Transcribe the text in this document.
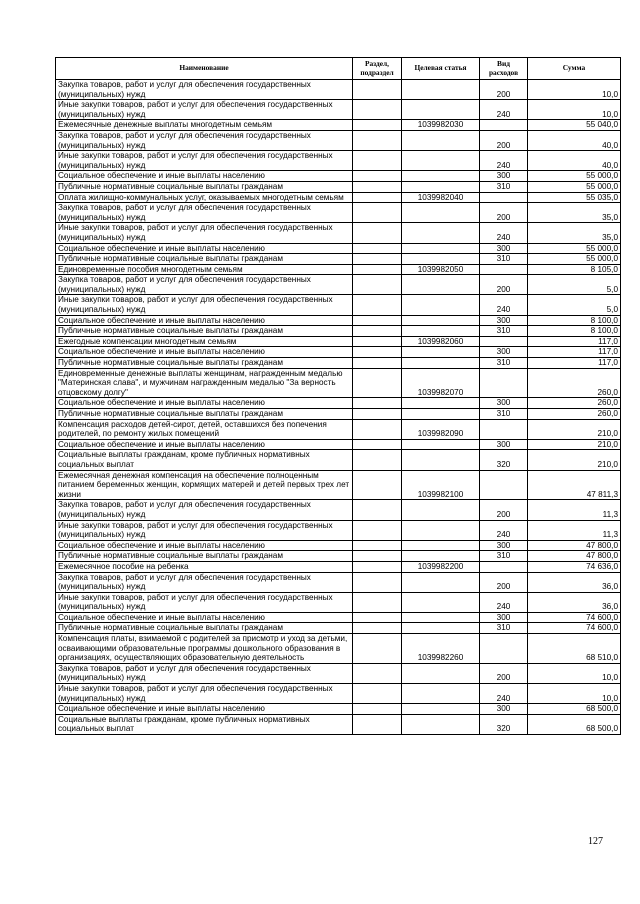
Наименование	Раздел, подраздел	Целевая статья	Вид расходов	Сумма
Закупка товаров, работ и услуг для обеспечения государственных (муниципальных) нужд			200	10,0
Иные закупки товаров, работ и услуг для обеспечения государственных (муниципальных) нужд			240	10,0
Ежемесячные денежные выплаты многодетным семьям		1039982030		55 040,0
Закупка товаров, работ и услуг для обеспечения государственных (муниципальных) нужд			200	40,0
Иные закупки товаров, работ и услуг для обеспечения государственных (муниципальных) нужд			240	40,0
Социальное обеспечение и иные выплаты населению			300	55 000,0
Публичные нормативные социальные выплаты гражданам			310	55 000,0
Оплата жилищно-коммунальных услуг, оказываемых многодетным семьям		1039982040		55 035,0
Закупка товаров, работ и услуг для обеспечения государственных (муниципальных) нужд			200	35,0
Иные закупки товаров, работ и услуг для обеспечения государственных (муниципальных) нужд			240	35,0
Социальное обеспечение и иные выплаты населению			300	55 000,0
Публичные нормативные социальные выплаты гражданам			310	55 000,0
Единовременные пособия многодетным семьям		1039982050		8 105,0
Закупка товаров, работ и услуг для обеспечения государственных (муниципальных) нужд			200	5,0
Иные закупки товаров, работ и услуг для обеспечения государственных (муниципальных) нужд			240	5,0
Социальное обеспечение и иные выплаты населению			300	8 100,0
Публичные нормативные социальные выплаты гражданам			310	8 100,0
Ежегодные компенсации многодетным семьям		1039982060		117,0
Социальное обеспечение и иные выплаты населению			300	117,0
Публичные нормативные социальные выплаты гражданам			310	117,0
Единовременные денежные выплаты женщинам, награжденным медалью "Материнская слава", и мужчинам награжденным медалью "За верность отцовскому долгу"		1039982070		260,0
Социальное обеспечение и иные выплаты населению			300	260,0
Публичные нормативные социальные выплаты гражданам			310	260,0
Компенсация расходов детей-сирот, детей, оставшихся без попечения родителей, по ремонту жилых помещений		1039982090		210,0
Социальное обеспечение и иные выплаты населению			300	210,0
Социальные выплаты гражданам, кроме публичных нормативных социальных выплат			320	210,0
Ежемесячная денежная компенсация на обеспечение полноценным питанием беременных женщин, кормящих матерей и детей первых трех лет жизни		1039982100		47 811,3
Закупка товаров, работ и услуг для обеспечения государственных (муниципальных) нужд			200	11,3
Иные закупки товаров, работ и услуг для обеспечения государственных (муниципальных) нужд			240	11,3
Социальное обеспечение и иные выплаты населению			300	47 800,0
Публичные нормативные социальные выплаты гражданам			310	47 800,0
Ежемесячное пособие на ребенка		1039982200		74 636,0
Закупка товаров, работ и услуг для обеспечения государственных (муниципальных) нужд			200	36,0
Иные закупки товаров, работ и услуг для обеспечения государственных (муниципальных) нужд			240	36,0
Социальное обеспечение и иные выплаты населению			300	74 600,0
Публичные нормативные социальные выплаты гражданам			310	74 600,0
Компенсация платы, взимаемой с родителей за присмотр и уход за детьми, осваивающими образовательные программы дошкольного образования в организациях, осуществляющих образовательную деятельность		1039982260		68 510,0
Закупка товаров, работ и услуг для обеспечения государственных (муниципальных) нужд			200	10,0
Иные закупки товаров, работ и услуг для обеспечения государственных (муниципальных) нужд			240	10,0
Социальное обеспечение и иные выплаты населению			300	68 500,0
Социальные выплаты гражданам, кроме публичных нормативных социальных выплат			320	68 500,0
127
